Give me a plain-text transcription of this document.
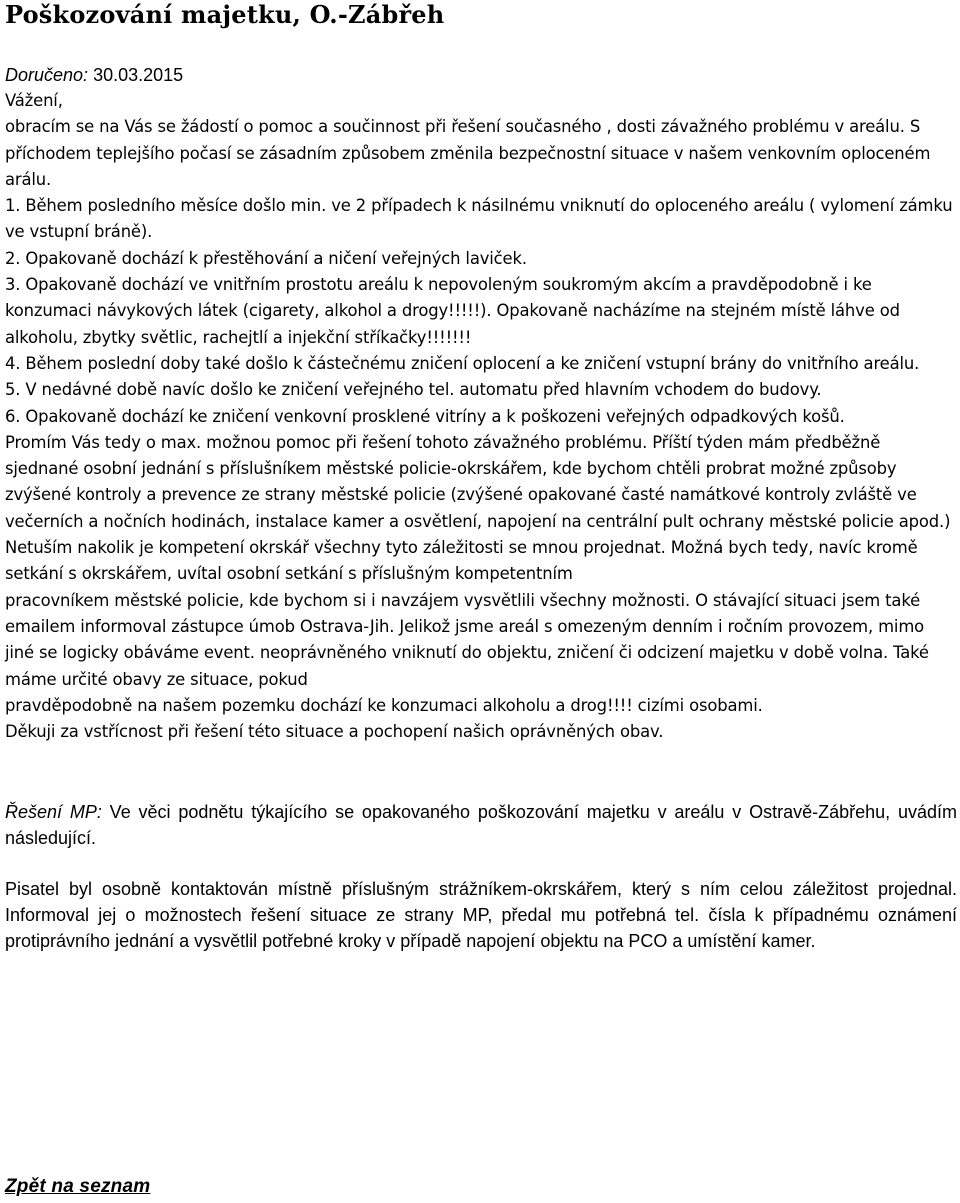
Poškozování majetku, O.-Zábřeh
Doručeno: 30.03.2015

Vážení,

obracím se na Vás se žádostí o pomoc a součinnost při řešení současného , dosti závažného problému v areálu. S příchodem teplejšího počasí se zásadním způsobem změnila bezpečnostní situace v našem venkovním oploceném arálu.

1. Během posledního měsíce došlo min. ve 2 případech k násilnému vniknutí do oploceného areálu ( vylomení zámku ve vstupní bráně).

2. Opakovaně dochází k přestěhování a ničení veřejných laviček.

3. Opakovaně dochází ve vnitřním prostotu areálu k nepovoleným soukromým akcím a pravděpodobně i ke konzumaci návykových látek (cigarety, alkohol a drogy!!!!!). Opakovaně nacházíme na stejném místě láhve od alkoholu, zbytky světlic, rachejtlí a injekční stříkačky!!!!!!!

4. Během poslední doby také došlo k částečnému zničení oplocení a ke zničení vstupní brány do vnitřního areálu.

5. V nedávné době navíc došlo ke zničení veřejného tel. automatu před hlavním vchodem do budovy.

6. Opakovaně dochází ke zničení venkovní prosklené vitríny a k poškozeni veřejných odpadkových košů.

Promím Vás tedy o max. možnou pomoc při řešení tohoto závažného problému. Příští týden mám předběžně sjednané osobní jednání s příslušníkem městské policie-okrskářem, kde bychom chtěli probrat možné způsoby zvýšené kontroly a prevence ze strany městské policie (zvýšené opakované časté namátkové kontroly zvláště ve večerních a nočních hodinách, instalace kamer a osvětlení, napojení na centrální pult ochrany městské policie apod.) Netuším nakolik je kompetení okrskář všechny tyto záležitosti se mnou projednat. Možná bych tedy, navíc kromě

setkání s okrskářem, uvítal osobní setkání s příslušným kompetentním

pracovníkem městské policie, kde bychom si i navzájem vysvětlili všechny možnosti. O stávající situaci jsem také emailem informoval zástupce úmob Ostrava-Jih. Jelikož jsme areál s omezeným denním i ročním provozem, mimo jiné se logicky obáváme event. neoprávněného vniknutí do objektu, zničení či odcizení majetku v době volna. Také máme určité obavy ze situace, pokud

pravděpodobně na našem pozemku dochází ke konzumaci alkoholu a drog!!!! cizími osobami.

Děkuji za vstřícnost při řešení této situace a pochopení našich oprávněných obav.

Řešení MP: Ve věci podnětu týkajícího se opakovaného poškozování majetku v areálu v Ostravě-Zábřehu, uvádím následující.

Pisatel byl osobně kontaktován místně příslušným strážníkem-okrskářem, který s ním celou záležitost projednal. Informoval jej o možnostech řešení situace ze strany MP, předal mu potřebná tel. čísla k případnému oznámení protiprávního jednání a vysvětlil potřebné kroky v případě napojení objektu na PCO a umístění kamer.

Zpět na seznam
